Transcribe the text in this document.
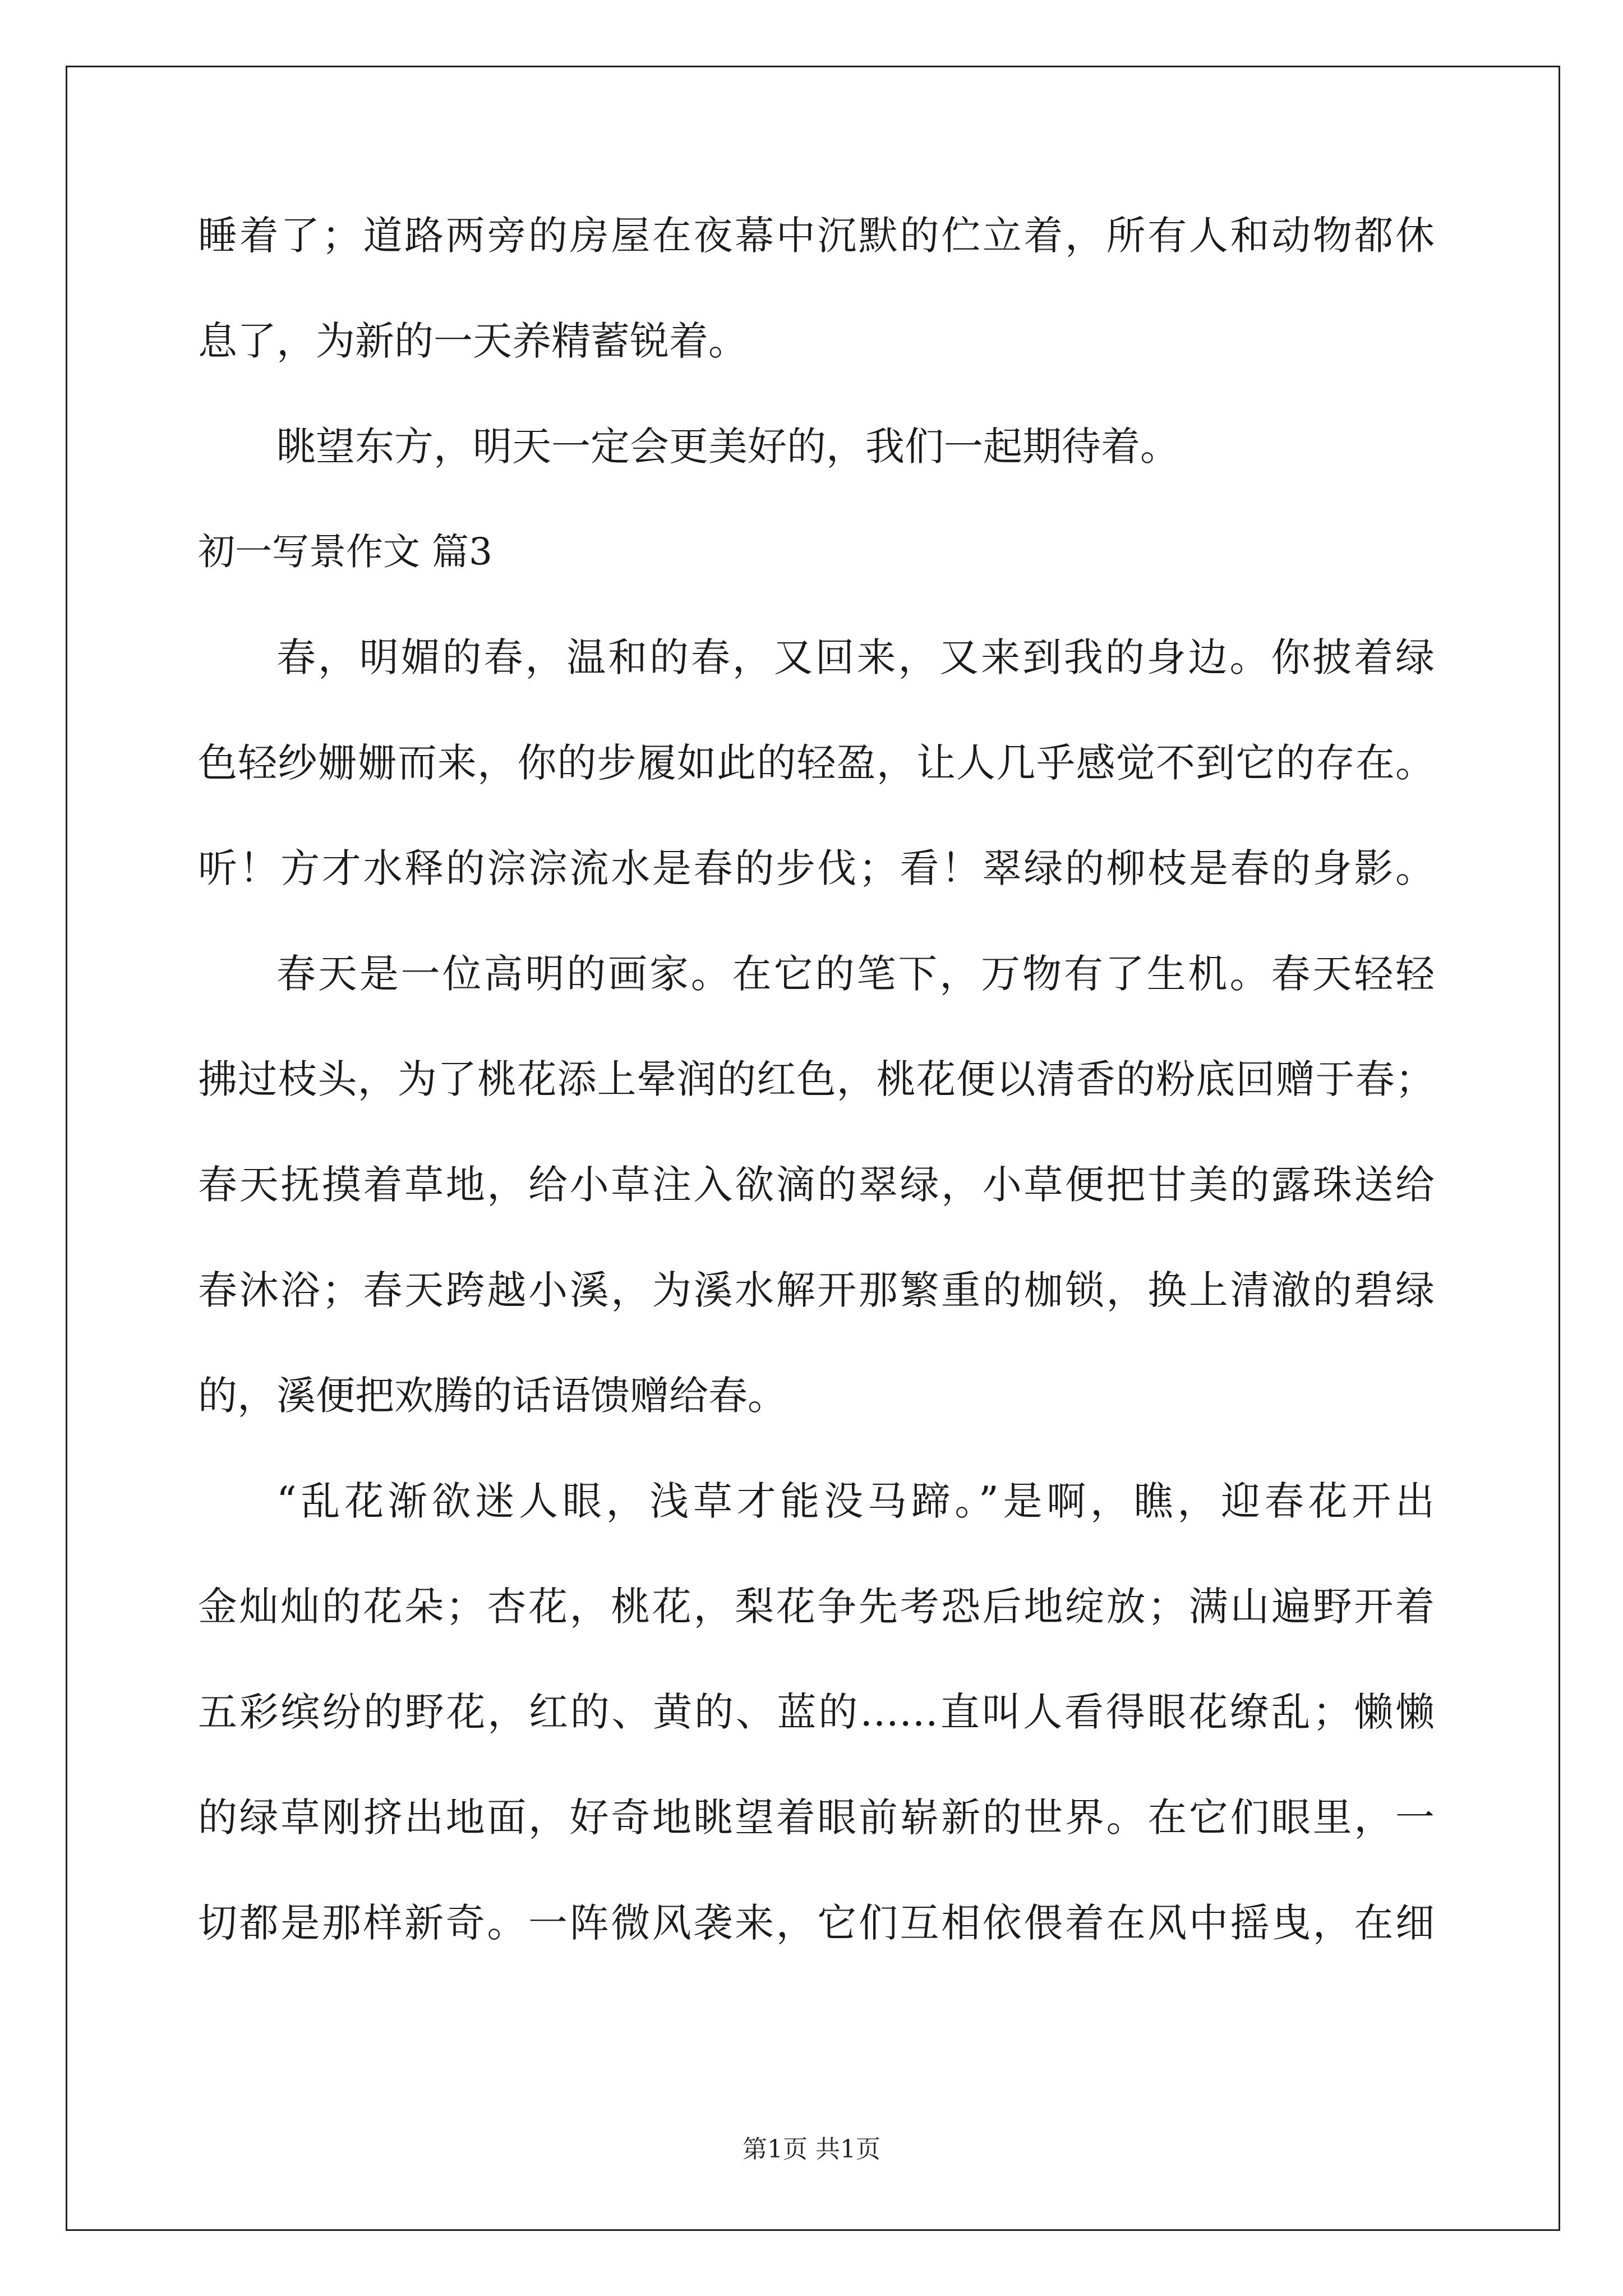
睡着了；道路两旁的房屋在夜幕中沉默的伫立着，所有人和动物都休
息了，为新的一天养精蓄锐着。
眺望东方，明天一定会更美好的，我们一起期待着。
初一写景作文 篇3
春，明媚的春，温和的春，又回来，又来到我的身边。你披着绿
色轻纱姗姗而来，你的步履如此的轻盈，让人几乎感觉不到它的存在。
听！方才水释的淙淙流水是春的步伐；看！翠绿的柳枝是春的身影。
春天是一位高明的画家。在它的笔下，万物有了生机。春天轻轻
拂过枝头，为了桃花添上晕润的红色，桃花便以清香的粉底回赠于春；
春天抚摸着草地，给小草注入欲滴的翠绿，小草便把甘美的露珠送给
春沐浴；春天跨越小溪，为溪水解开那繁重的枷锁，换上清澈的碧绿
的，溪便把欢腾的话语馈赠给春。
“乱花渐欲迷人眼，浅草才能没马蹄。”是啊，瞧，迎春花开出
金灿灿的花朵；杏花，桃花，梨花争先考恐后地绽放；满山遍野开着
五彩缤纷的野花，红的、黄的、蓝的……直叫人看得眼花缭乱；懒懒
的绿草刚挤出地面，好奇地眺望着眼前崭新的世界。在它们眼里，一
切都是那样新奇。一阵微风袭来，它们互相依偎着在风中摇曳，在细
第1页 共1页
